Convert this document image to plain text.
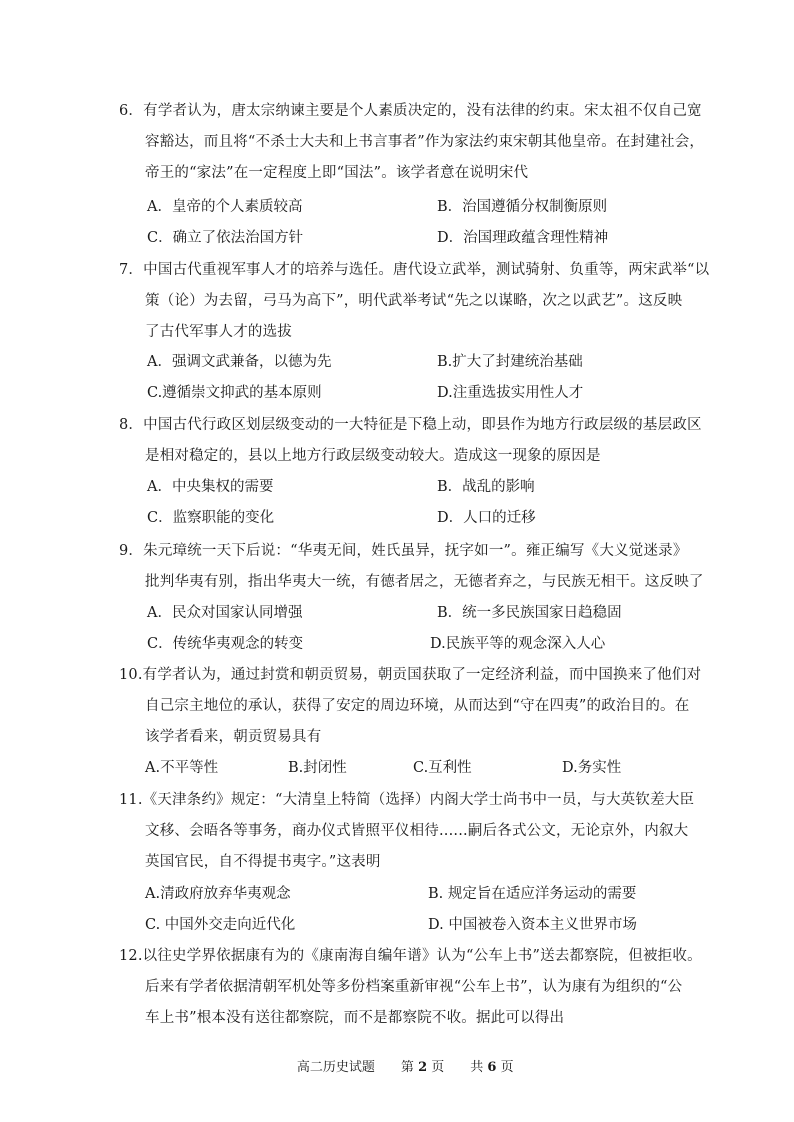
6．有学者认为，唐太宗纳谏主要是个人素质决定的，没有法律的约束。宋太祖不仅自己宽
容豁达，而且将“不杀士大夫和上书言事者”作为家法约束宋朝其他皇帝。在封建社会，
帝王的“家法”在一定程度上即“国法”。该学者意在说明宋代
A．皇帝的个人素质较高	B．治国遵循分权制衡原则
C．确立了依法治国方针	D．治国理政蕴含理性精神
7．中国古代重视军事人才的培养与选任。唐代设立武举，测试骑射、负重等，两宋武举“以
策（论）为去留，弓马为高下”，明代武举考试“先之以谋略，次之以武艺”。这反映
了古代军事人才的选拔
A．强调文武兼备，以德为先	B.扩大了封建统治基础
C.遵循崇文抑武的基本原则	D.注重选拔实用性人才
8．中国古代行政区划层级变动的一大特征是下稳上动，即县作为地方行政层级的基层政区
是相对稳定的，县以上地方行政层级变动较大。造成这一现象的原因是
A．中央集权的需要	B．战乱的影响
C．监察职能的变化	D．人口的迁移
9．朱元璋统一天下后说：“华夷无间，姓氏虽异，抚字如一”。雍正编写《大义觉迷录》
批判华夷有别，指出华夷大一统，有德者居之，无德者弃之，与民族无相干。这反映了
A．民众对国家认同增强	B．统一多民族国家日趋稳固
C．传统华夷观念的转变	D.民族平等的观念深入人心
10.有学者认为，通过封赏和朝贡贸易，朝贡国获取了一定经济利益，而中国换来了他们对
自己宗主地位的承认，获得了安定的周边环境，从而达到“守在四夷”的政治目的。在
该学者看来，朝贡贸易具有
A.不平等性	B.封闭性	C.互利性	D.务实性
11.《天津条约》规定：“大清皇上特简（选择）内阁大学士尚书中一员，与大英钦差大臣
文移、会晤各等事务，商办仪式皆照平仪相待......嗣后各式公文，无论京外，内叙大
英国官民，自不得提书夷字。”这表明
A.清政府放弃华夷观念	B. 规定旨在适应洋务运动的需要
C. 中国外交走向近代化	D. 中国被卷入资本主义世界市场
12.以往史学界依据康有为的《康南海自编年谱》认为“公车上书”送去都察院，但被拒收。
后来有学者依据清朝军机处等多份档案重新审视“公车上书”，认为康有为组织的“公
车上书”根本没有送往都察院，而不是都察院不收。据此可以得出

高二历史试题   第 2 页   共 6 页
